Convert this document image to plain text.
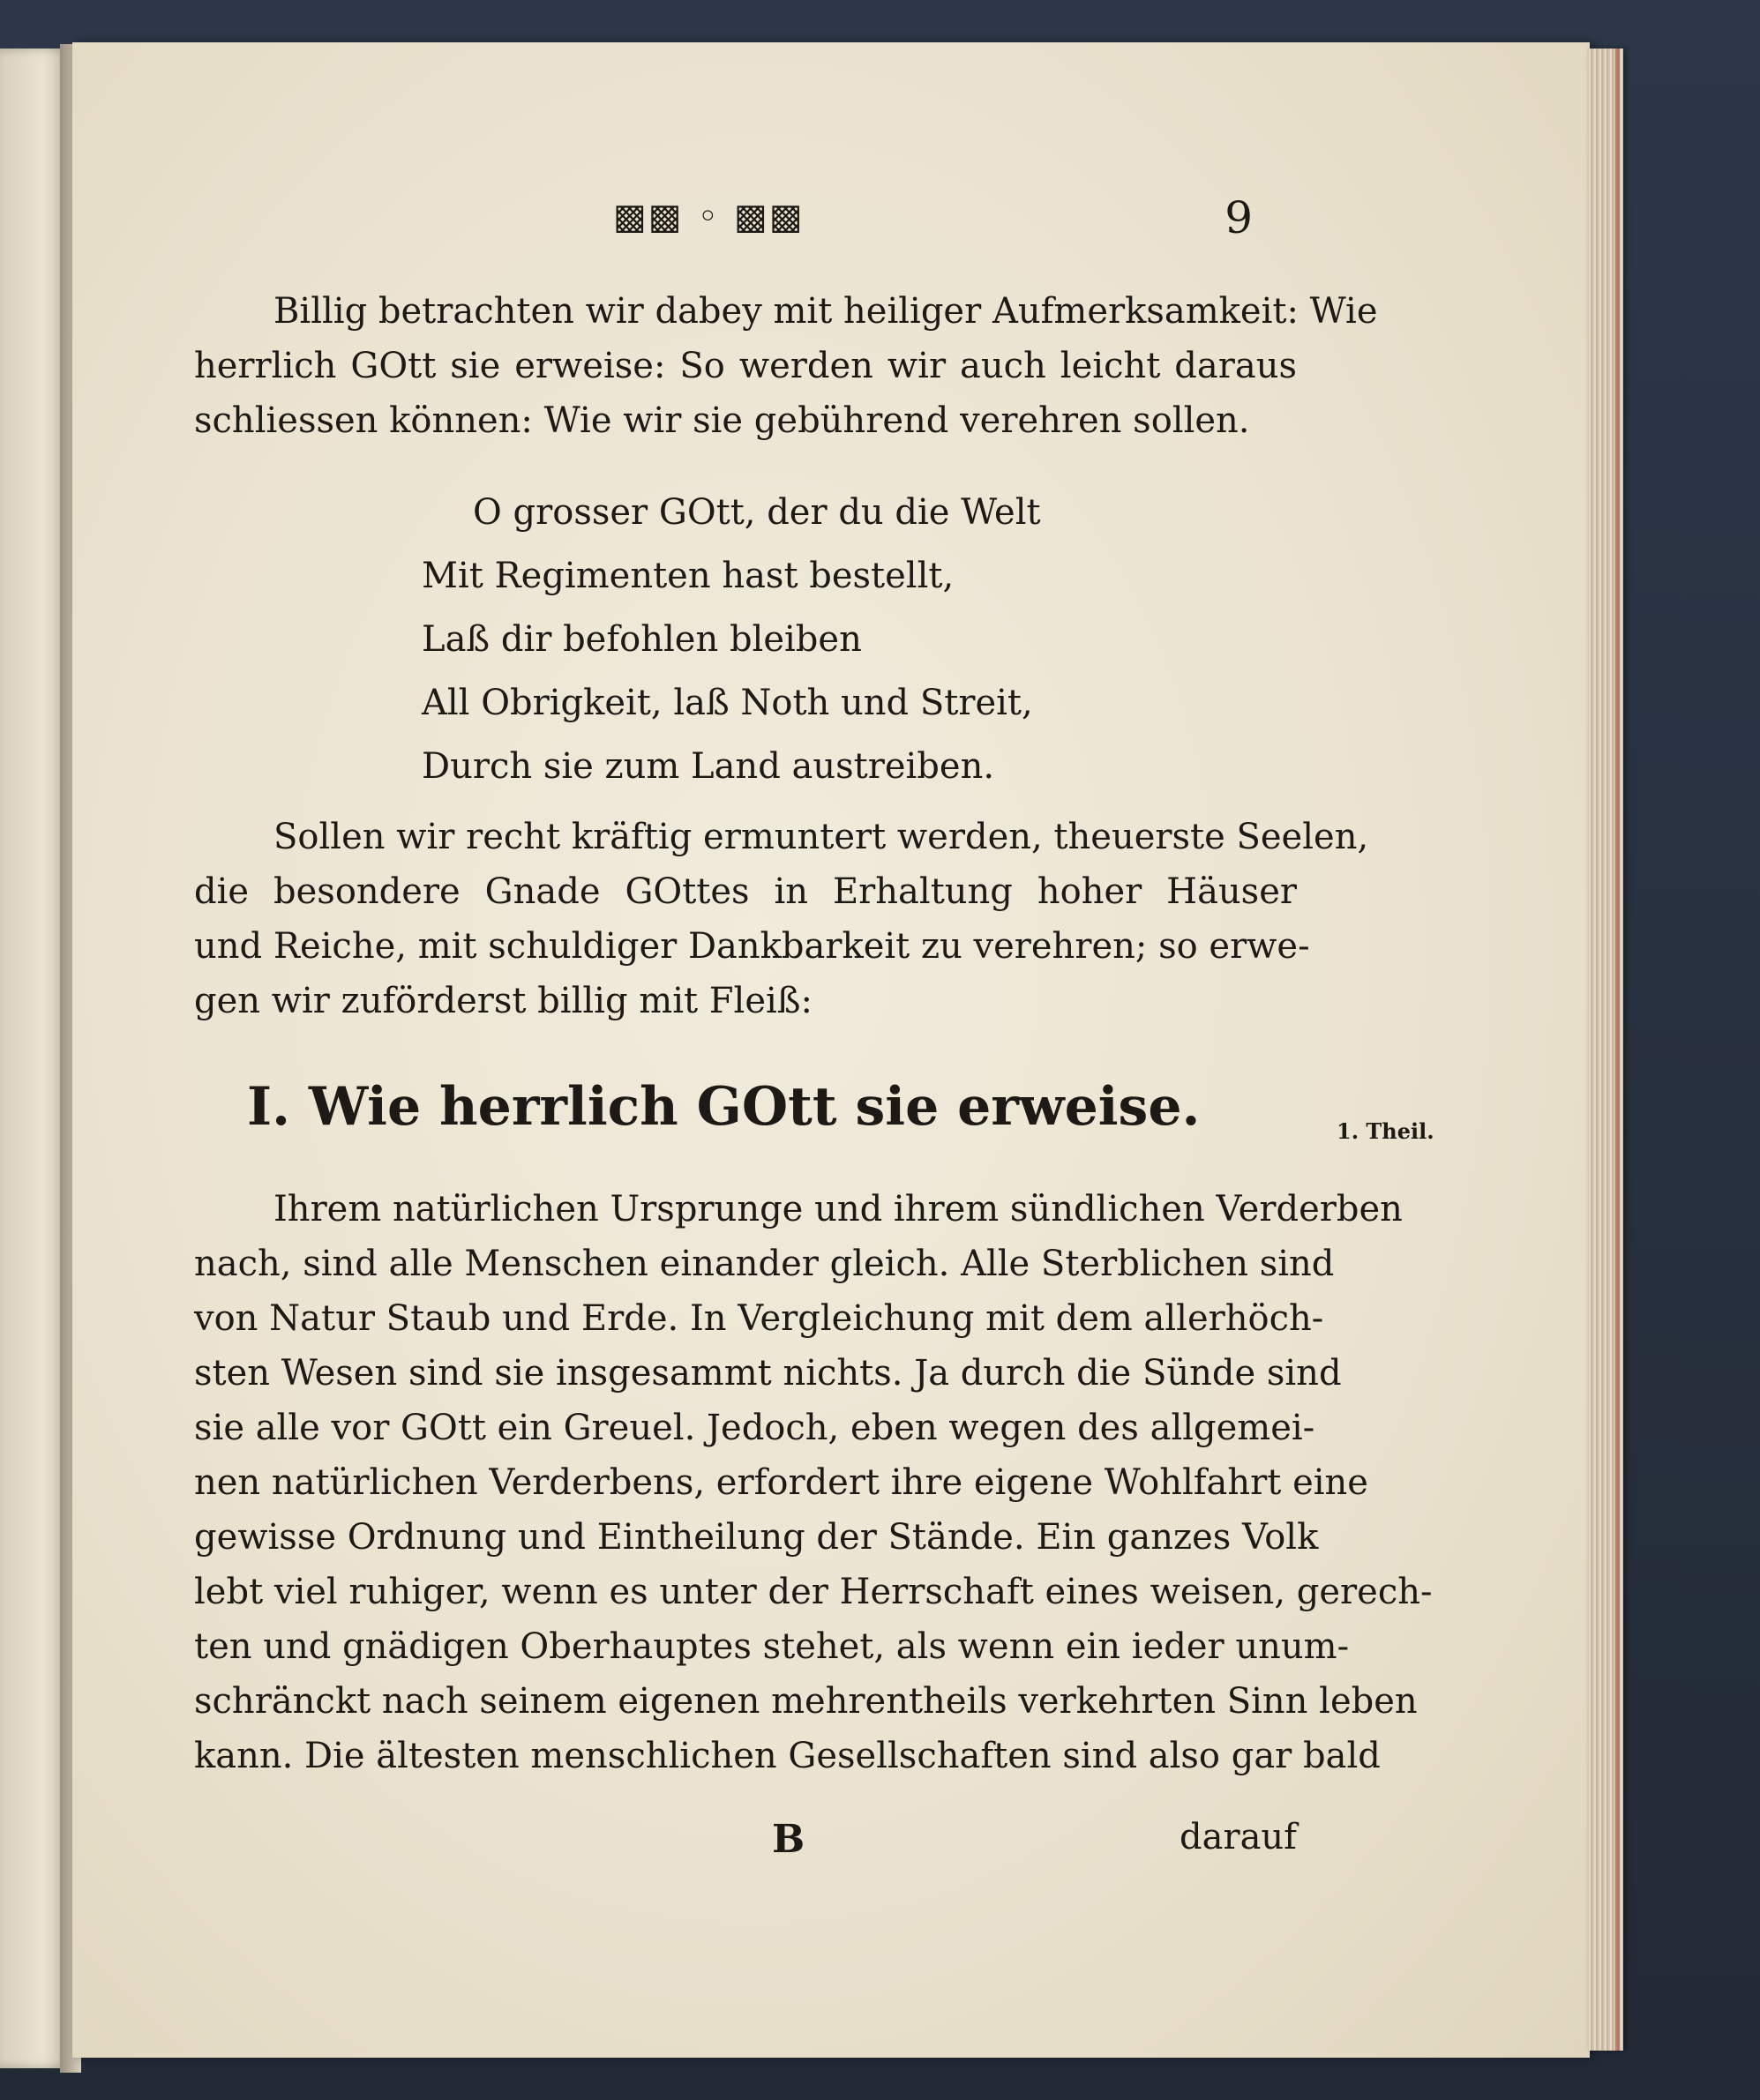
▩▩ ◦ ▩▩	9
Billig betrachten wir dabey mit heiliger Aufmerksamkeit: Wie
herrlich GOtt sie erweise: So werden wir auch leicht daraus
schliessen können: Wie wir sie gebührend verehren sollen.
O grosser GOtt, der du die Welt
Mit Regimenten hast bestellt,
Laß dir befohlen bleiben
All Obrigkeit, laß Noth und Streit,
Durch sie zum Land austreiben.
Sollen wir recht kräftig ermuntert werden, theuerste Seelen,
die besondere Gnade GOttes in Erhaltung hoher Häuser
und Reiche, mit schuldiger Dankbarkeit zu verehren; so erwe-
gen wir zuförderst billig mit Fleiß:
I. Wie herrlich GOtt sie erweise.	1. Theil.
Ihrem natürlichen Ursprunge und ihrem sündlichen Verderben
nach, sind alle Menschen einander gleich. Alle Sterblichen sind
von Natur Staub und Erde. In Vergleichung mit dem allerhöch-
sten Wesen sind sie insgesammt nichts. Ja durch die Sünde sind
sie alle vor GOtt ein Greuel. Jedoch, eben wegen des allgemei-
nen natürlichen Verderbens, erfordert ihre eigene Wohlfahrt eine
gewisse Ordnung und Eintheilung der Stände. Ein ganzes Volk
lebt viel ruhiger, wenn es unter der Herrschaft eines weisen, gerech-
ten und gnädigen Oberhauptes stehet, als wenn ein ieder unum-
schränckt nach seinem eigenen mehrentheils verkehrten Sinn leben
kann. Die ältesten menschlichen Gesellschaften sind also gar bald
B	darauf
